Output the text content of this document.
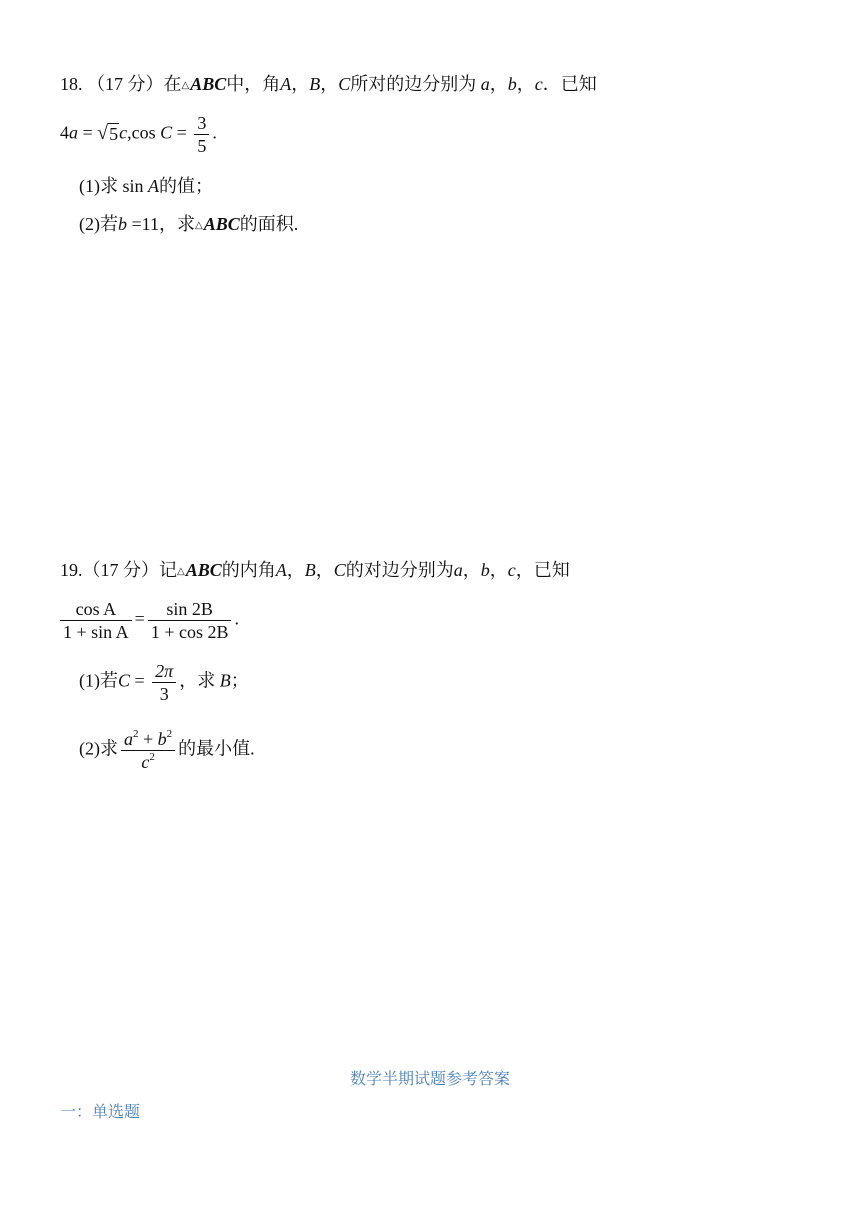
18. （17 分）在△ABC中，角A，B，C所对的边分别为 a，b，c．已知
4a = √ 5 c,cos $C = \frac{3}{5}$ .
(1)求 sin A的值；
(2)若b =11，求△ABC的面积.
19.（17 分）记△ABC的内角A，B，C的对边分别为a，b，c，已知
$\frac{\text{cos A}}{\text{1 + sin A}} = \frac{\sin 2B}{1 + \cos 2B}$ .
(1)若$C = \frac{2\pi}{3}$ ，求 B；
(2)求 $\frac{a^2 + b^2}{c^2}$ 的最小值.
数学半期试题参考答案
一：单选题
